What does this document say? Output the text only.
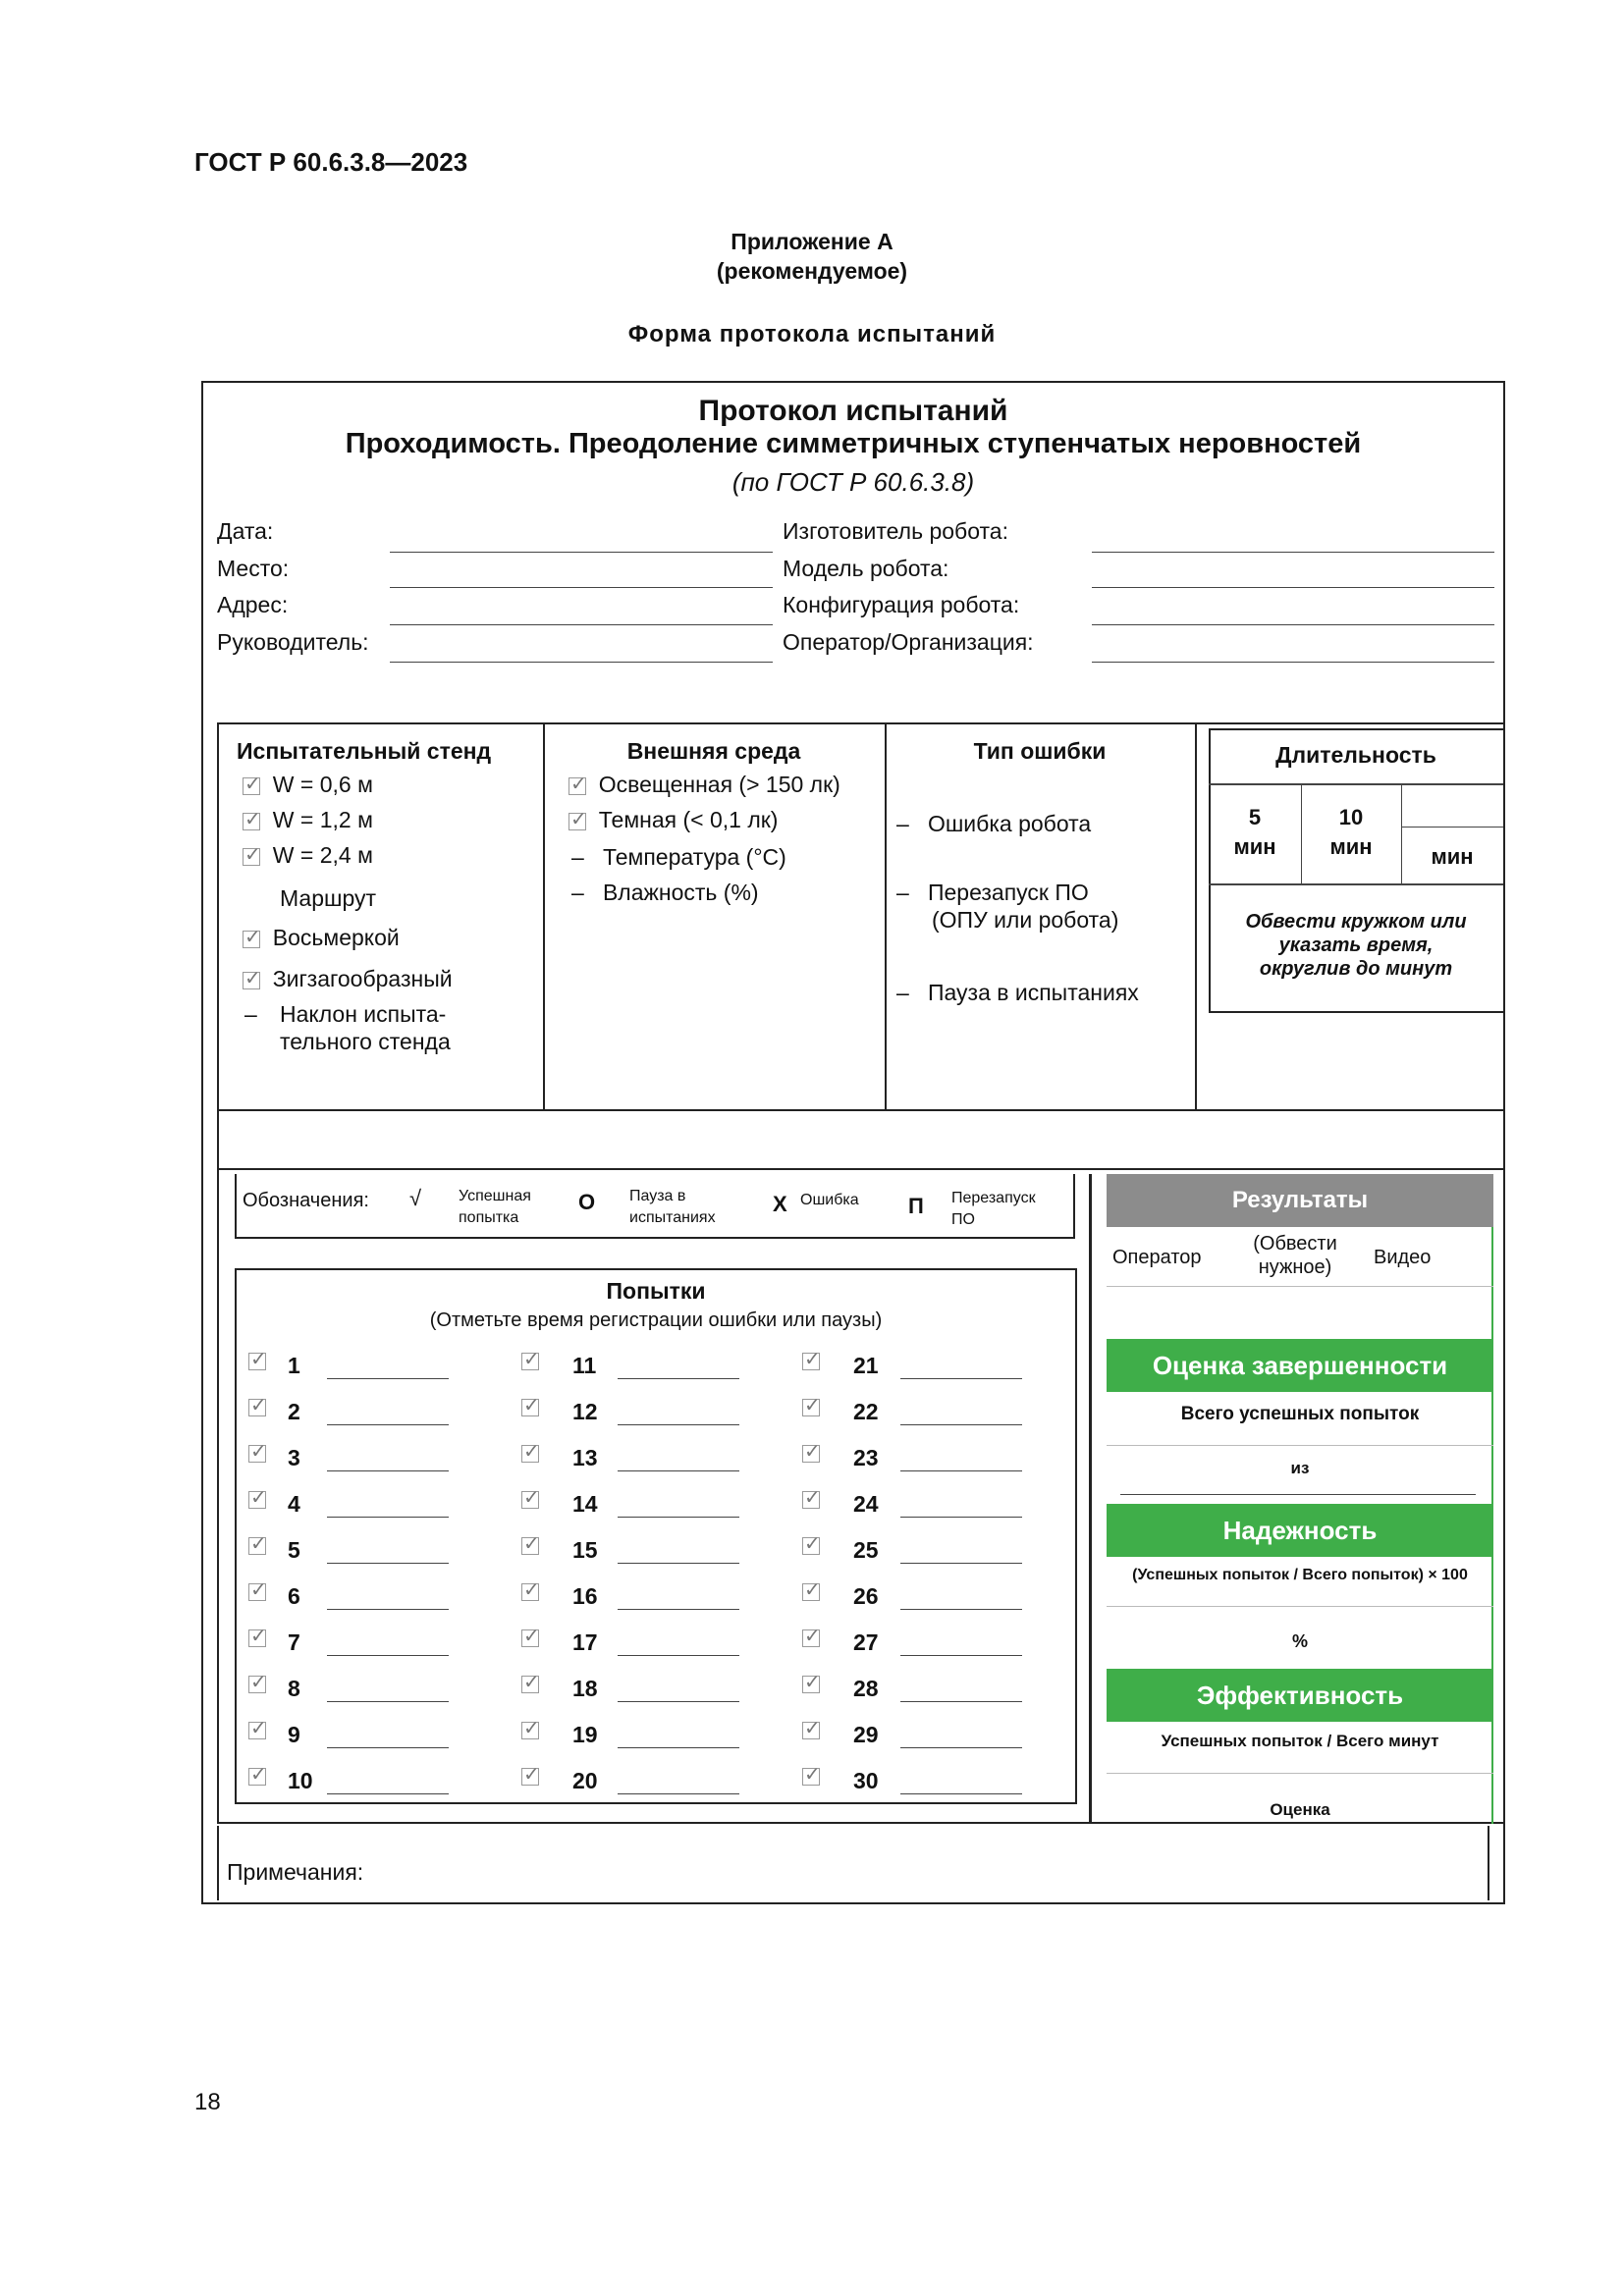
ГОСТ Р 60.6.3.8—2023
Приложение А
(рекомендуемое)
Форма протокола испытаний
Протокол испытаний
Проходимость. Преодоление симметричных ступенчатых неровностей
(по ГОСТ Р 60.6.3.8)
Дата:
Место:
Адрес:
Руководитель:
Изготовитель робота:
Модель робота:
Конфигурация робота:
Оператор/Организация:
Испытательный стенд
✓  W = 0,6 м
✓  W = 1,2 м
✓  W = 2,4 м
Маршрут
✓  Восьмеркой
✓  Зигзагообразный
– Наклон испыта-
тельного стенда
Внешняя среда
✓  Освещенная (> 150 лк)
✓  Темная (< 0,1 лк)
– Температура (°C)
– Влажность (%)
Тип ошибки
– Ошибка робота
– Перезапуск ПО
(ОПУ или робота)
– Пауза в испытаниях
Длительность
5
мин
10
мин	мин
Обвести кружком или
указать время,
округлив до минут
Обозначения: √ Успешная
попытка
O Пауза в
испытаниях
X Ошибка П Перезапуск
ПО
Попытки
(Отметьте время регистрации ошибки или паузы)
✓
1
✓
2
✓
3
✓
4
✓
5
✓
6
✓
7
✓
8
✓
9
✓
10
✓
11
✓
12
✓
13
✓
14
✓
15
✓
16
✓
17
✓
18
✓
19
✓
20
✓
21
✓
22
✓
23
✓
24
✓
25
✓
26
✓
27
✓
28
✓
29
✓
30
Результаты
Оператор
(Обвести
нужное)	Видео
Оценка завершенности
Всего успешных попыток
из
Надежность
(Успешных попыток / Всего попыток) × 100
%
Эффективность
Успешных попыток / Всего минут
Оценка
Примечания:
18
